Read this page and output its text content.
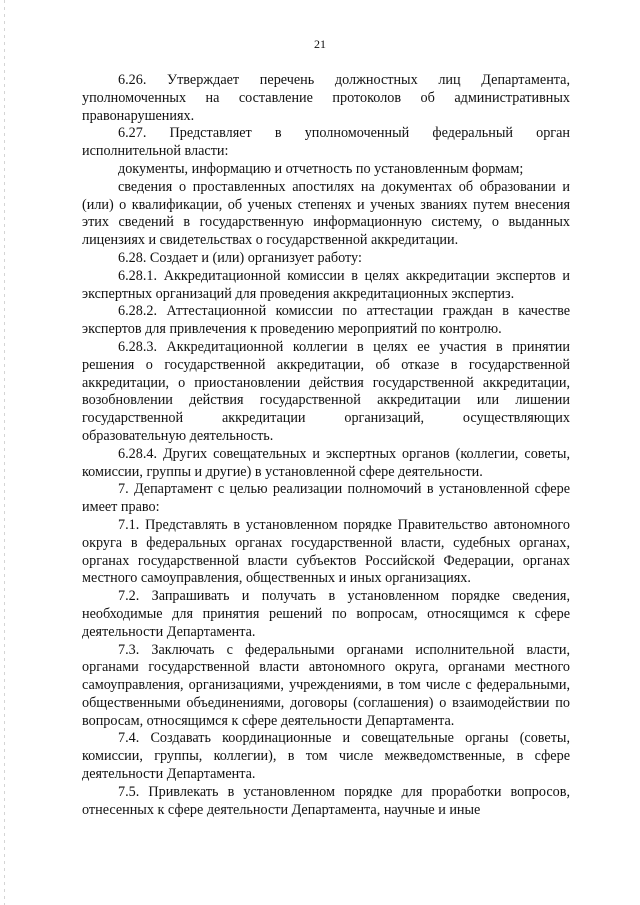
21

6.26. Утверждает перечень должностных лиц Департамента, уполномоченных на составление протоколов об административных правонарушениях.

6.27. Представляет в уполномоченный федеральный орган исполнительной власти:

документы, информацию и отчетность по установленным формам;

сведения о проставленных апостилях на документах об образовании и (или) о квалификации, об ученых степенях и ученых званиях путем внесения этих сведений в государственную информационную систему, о выданных лицензиях и свидетельствах о государственной аккредитации.

6.28. Создает и (или) организует работу:

6.28.1. Аккредитационной комиссии в целях аккредитации экспертов и экспертных организаций для проведения аккредитационных экспертиз.

6.28.2. Аттестационной комиссии по аттестации граждан в качестве экспертов для привлечения к проведению мероприятий по контролю.

6.28.3. Аккредитационной коллегии в целях ее участия в принятии решения о государственной аккредитации, об отказе в государственной аккредитации, о приостановлении действия государственной аккредитации, возобновлении действия государственной аккредитации или лишении государственной аккредитации организаций, осуществляющих образовательную деятельность.

6.28.4. Других совещательных и экспертных органов (коллегии, советы, комиссии, группы и другие) в установленной сфере деятельности.

7. Департамент с целью реализации полномочий в установленной сфере имеет право:

7.1. Представлять в установленном порядке Правительство автономного округа в федеральных органах государственной власти, судебных органах, органах государственной власти субъектов Российской Федерации, органах местного самоуправления, общественных и иных организациях.

7.2. Запрашивать и получать в установленном порядке сведения, необходимые для принятия решений по вопросам, относящимся к сфере деятельности Департамента.

7.3. Заключать с федеральными органами исполнительной власти, органами государственной власти автономного округа, органами местного самоуправления, организациями, учреждениями, в том числе с федеральными, общественными объединениями, договоры (соглашения) о взаимодействии по вопросам, относящимся к сфере деятельности Департамента.

7.4. Создавать координационные и совещательные органы (советы, комиссии, группы, коллегии), в том числе межведомственные, в сфере деятельности Департамента.

7.5. Привлекать в установленном порядке для проработки вопросов, отнесенных к сфере деятельности Департамента, научные и иные
